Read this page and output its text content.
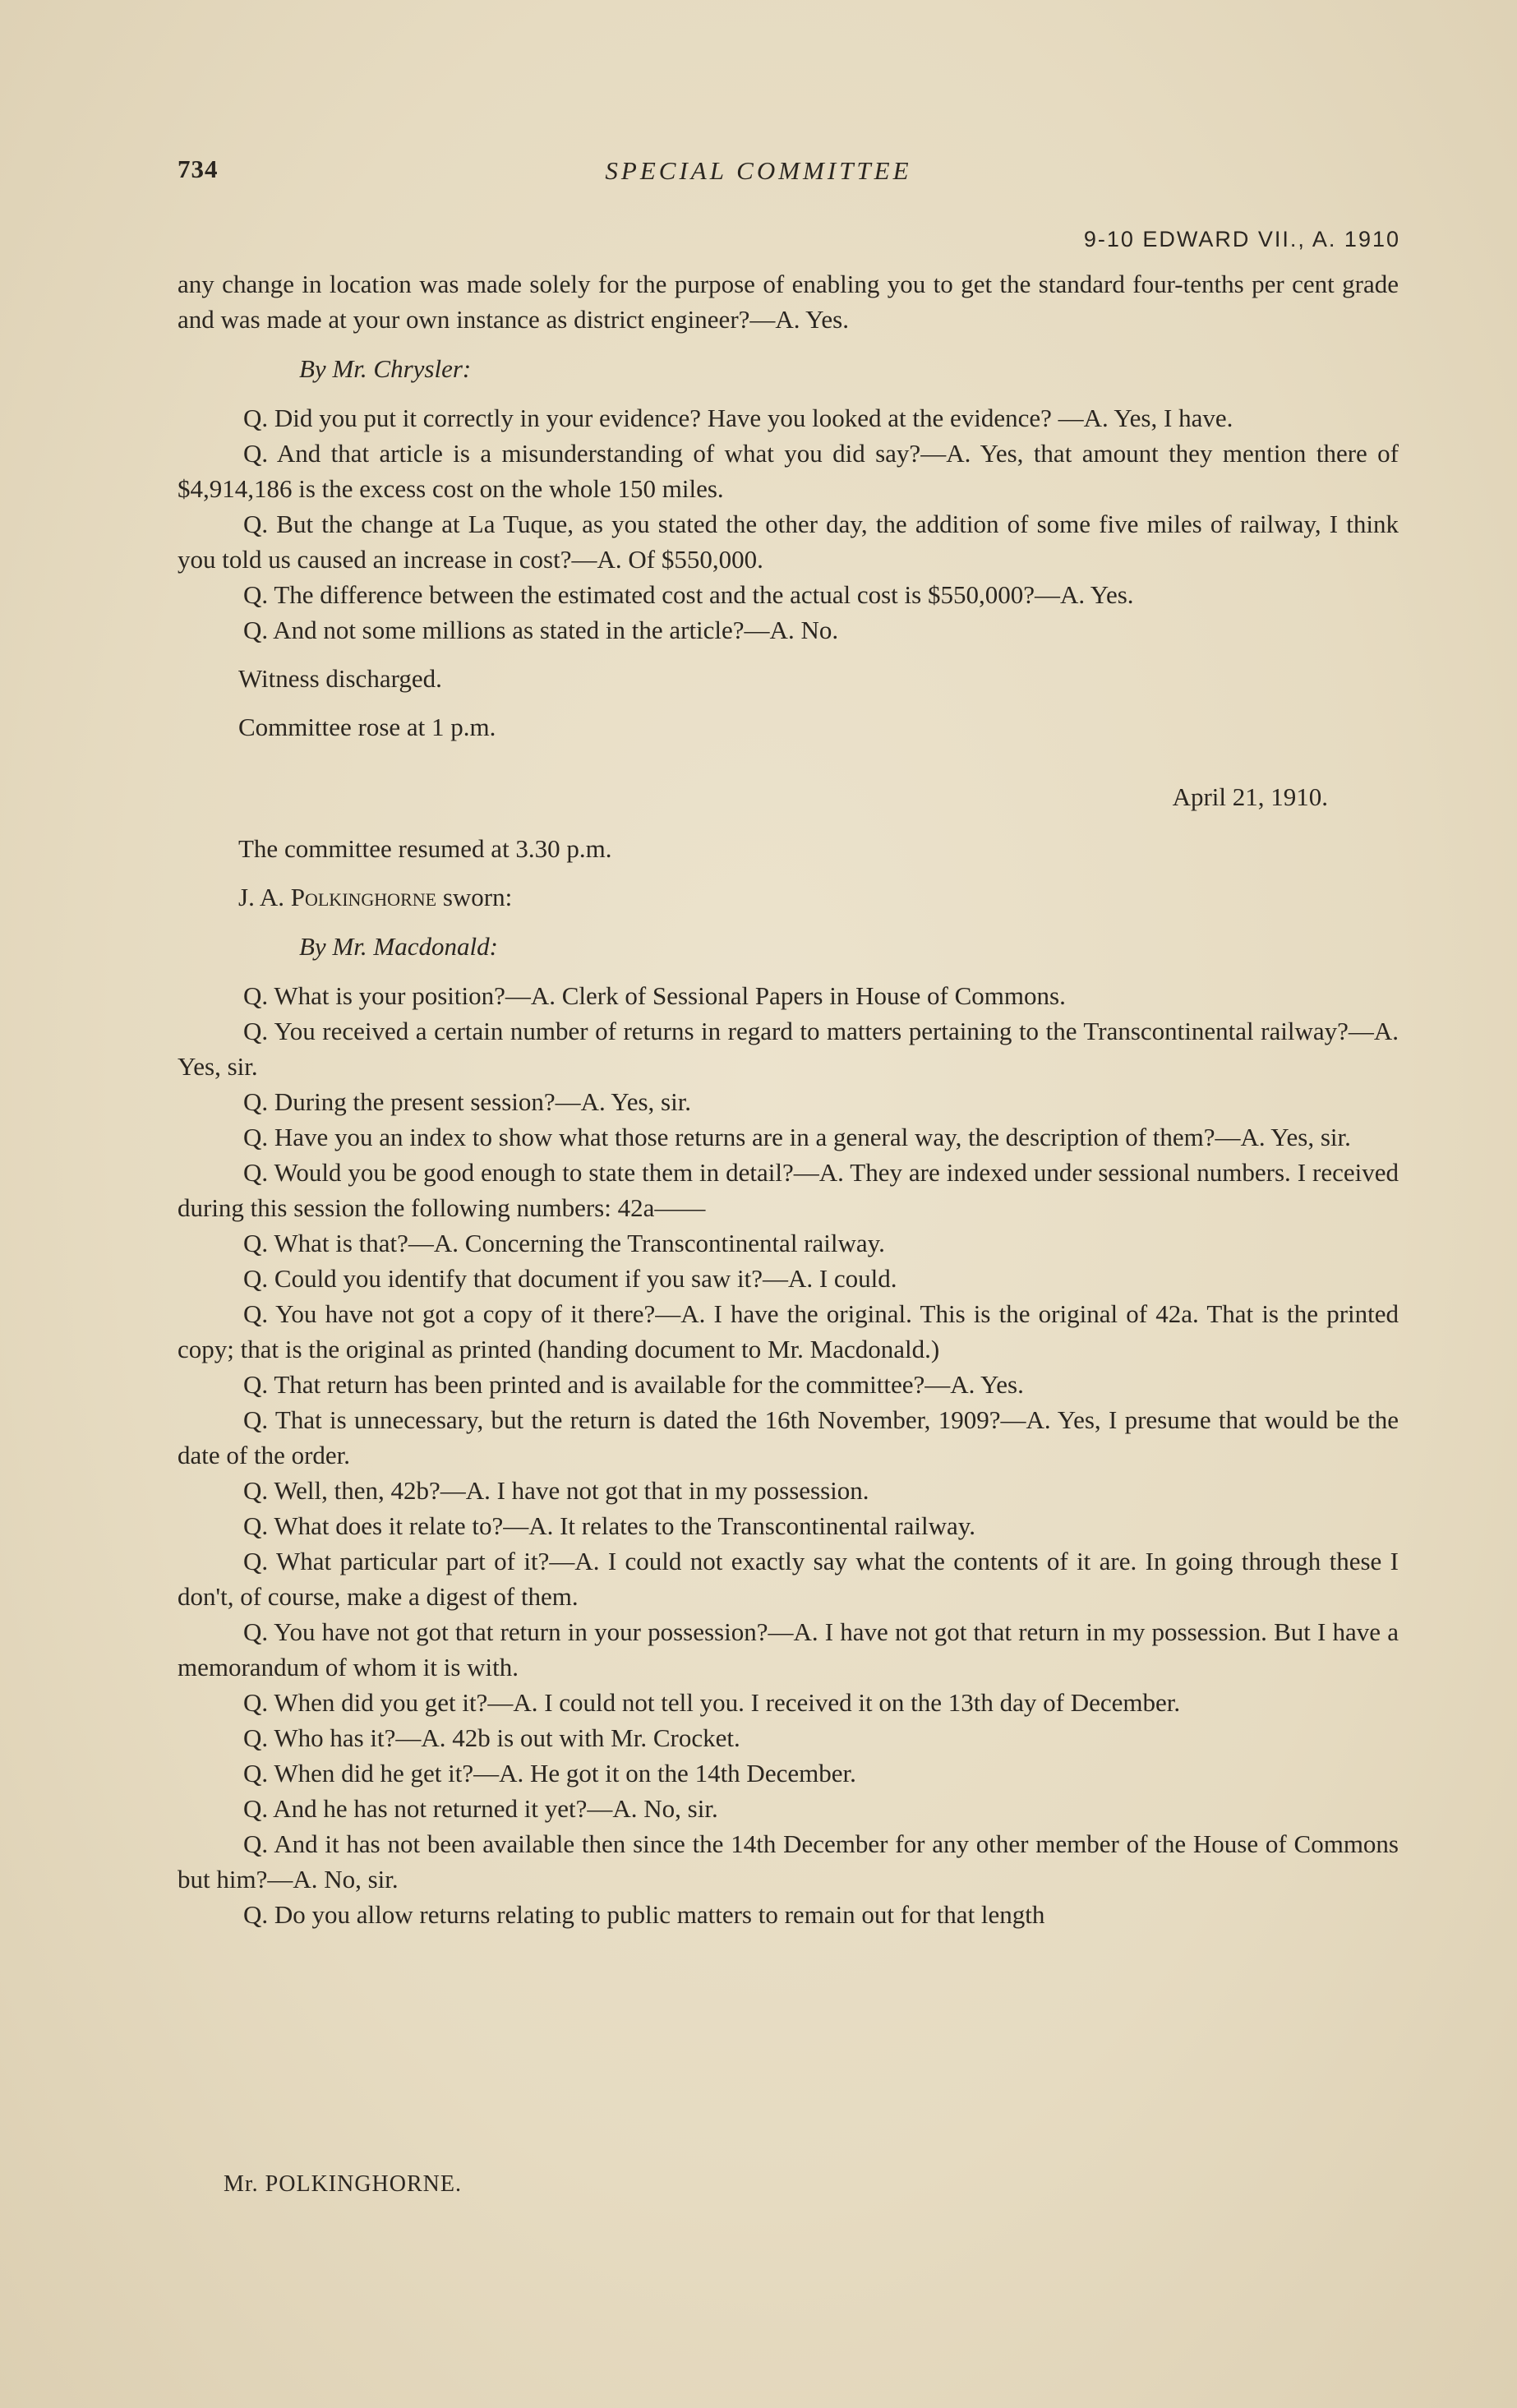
734	SPECIAL COMMITTEE
9-10 EDWARD VII., A. 1910

any change in location was made solely for the purpose of enabling you to get the standard four-tenths per cent grade and was made at your own instance as district engineer?—A. Yes.

By Mr. Chrysler:

Q. Did you put it correctly in your evidence? Have you looked at the evidence? —A. Yes, I have.

Q. And that article is a misunderstanding of what you did say?—A. Yes, that amount they mention there of $4,914,186 is the excess cost on the whole 150 miles.

Q. But the change at La Tuque, as you stated the other day, the addition of some five miles of railway, I think you told us caused an increase in cost?—A. Of $550,000.

Q. The difference between the estimated cost and the actual cost is $550,000?—A. Yes.

Q. And not some millions as stated in the article?—A. No.

Witness discharged.

Committee rose at 1 p.m.

April 21, 1910.

The committee resumed at 3.30 p.m.

J. A. Polkinghorne sworn:

By Mr. Macdonald:

Q. What is your position?—A. Clerk of Sessional Papers in House of Commons.

Q. You received a certain number of returns in regard to matters pertaining to the Transcontinental railway?—A. Yes, sir.

Q. During the present session?—A. Yes, sir.

Q. Have you an index to show what those returns are in a general way, the description of them?—A. Yes, sir.

Q. Would you be good enough to state them in detail?—A. They are indexed under sessional numbers. I received during this session the following numbers: 42a——

Q. What is that?—A. Concerning the Transcontinental railway.

Q. Could you identify that document if you saw it?—A. I could.

Q. You have not got a copy of it there?—A. I have the original. This is the original of 42a. That is the printed copy; that is the original as printed (handing document to Mr. Macdonald.)

Q. That return has been printed and is available for the committee?—A. Yes.

Q. That is unnecessary, but the return is dated the 16th November, 1909?—A. Yes, I presume that would be the date of the order.

Q. Well, then, 42b?—A. I have not got that in my possession.

Q. What does it relate to?—A. It relates to the Transcontinental railway.

Q. What particular part of it?—A. I could not exactly say what the contents of it are. In going through these I don't, of course, make a digest of them.

Q. You have not got that return in your possession?—A. I have not got that return in my possession. But I have a memorandum of whom it is with.

Q. When did you get it?—A. I could not tell you. I received it on the 13th day of December.

Q. Who has it?—A. 42b is out with Mr. Crocket.

Q. When did he get it?—A. He got it on the 14th December.

Q. And he has not returned it yet?—A. No, sir.

Q. And it has not been available then since the 14th December for any other member of the House of Commons but him?—A. No, sir.

Q. Do you allow returns relating to public matters to remain out for that length

Mr. POLKINGHORNE.
